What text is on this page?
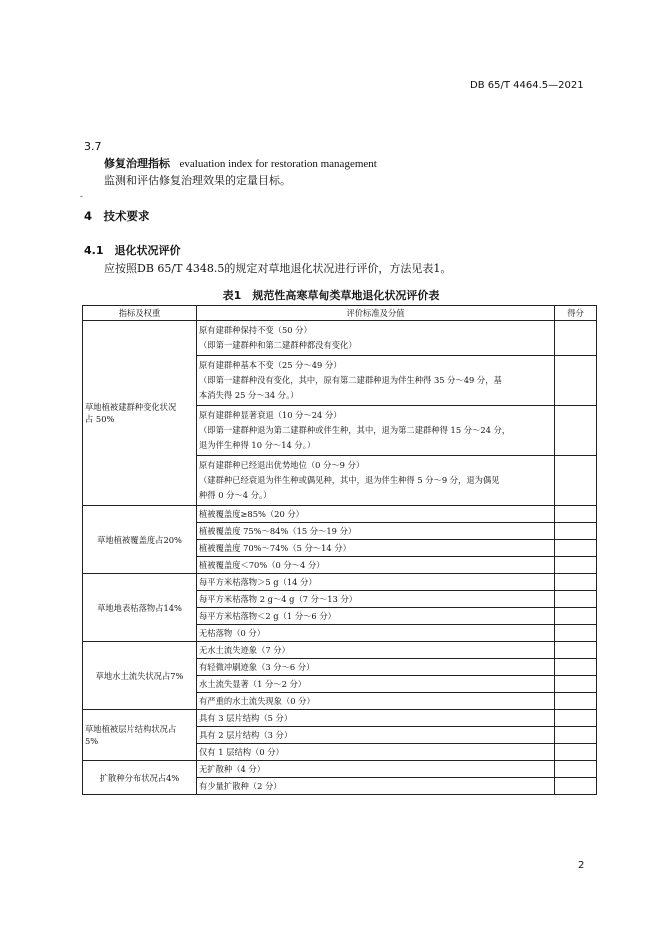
DB 65/T 4464.5—2021
3.7
修复治理指标 evaluation index for restoration management
监测和评估修复治理效果的定量目标。
-
4　技术要求
4.1　退化状况评价
应按照DB 65/T 4348.5的规定对草地退化状况进行评价，方法见表1。
表1　规范性高寒草甸类草地退化状况评价表
指标及权重	评价标准及分值	得分

草地植被建群种变化状况
占 50%	原有建群种保持不变（50 分）
（即第一建群种和第二建群种都没有变化）	

	原有建群种基本不变（25 分～49 分）
（即第一建群种没有变化，其中，原有第二建群种退为伴生种得 35 分～49 分，基
本消失得 25 分～34 分。）	

	原有建群种显著衰退（10 分～24 分）
（即第一建群种退为第二建群种或伴生种，其中，退为第二建群种得 15 分～24 分，
退为伴生种得 10 分～14 分。）	

	原有建群种已经退出优势地位（0 分～9 分）
（建群种已经衰退为伴生种或偶见种，其中，退为伴生种得 5 分～9 分，退为偶见
种得 0 分～4 分。）	

草地植被覆盖度占20%	植被覆盖度≥85%（20 分）	

	植被覆盖度 75%～84%（15 分～19 分）	

	植被覆盖度 70%～74%（5 分～14 分）	

	植被覆盖度＜70%（0 分～4 分）	

草地地表枯落物占14%	每平方米枯落物＞5 g（14 分）	

	每平方米枯落物 2 g～4 g（7 分～13 分）	

	每平方米枯落物＜2 g（1 分～6 分）	

	无枯落物（0 分）	

草地水土流失状况占7%	无水土流失迹象（7 分）	

	有轻微冲刷迹象（3 分～6 分）	

	水土流失显著（1 分～2 分）	

	有严重的水土流失现象（0 分）	

草地植被层片结构状况占
5%	具有 3 层片结构（5 分）	

	具有 2 层片结构（3 分）	

	仅有 1 层结构（0 分）	

扩散种分布状况占4%	无扩散种（4 分）	

	有少量扩散种（2 分）	

2
